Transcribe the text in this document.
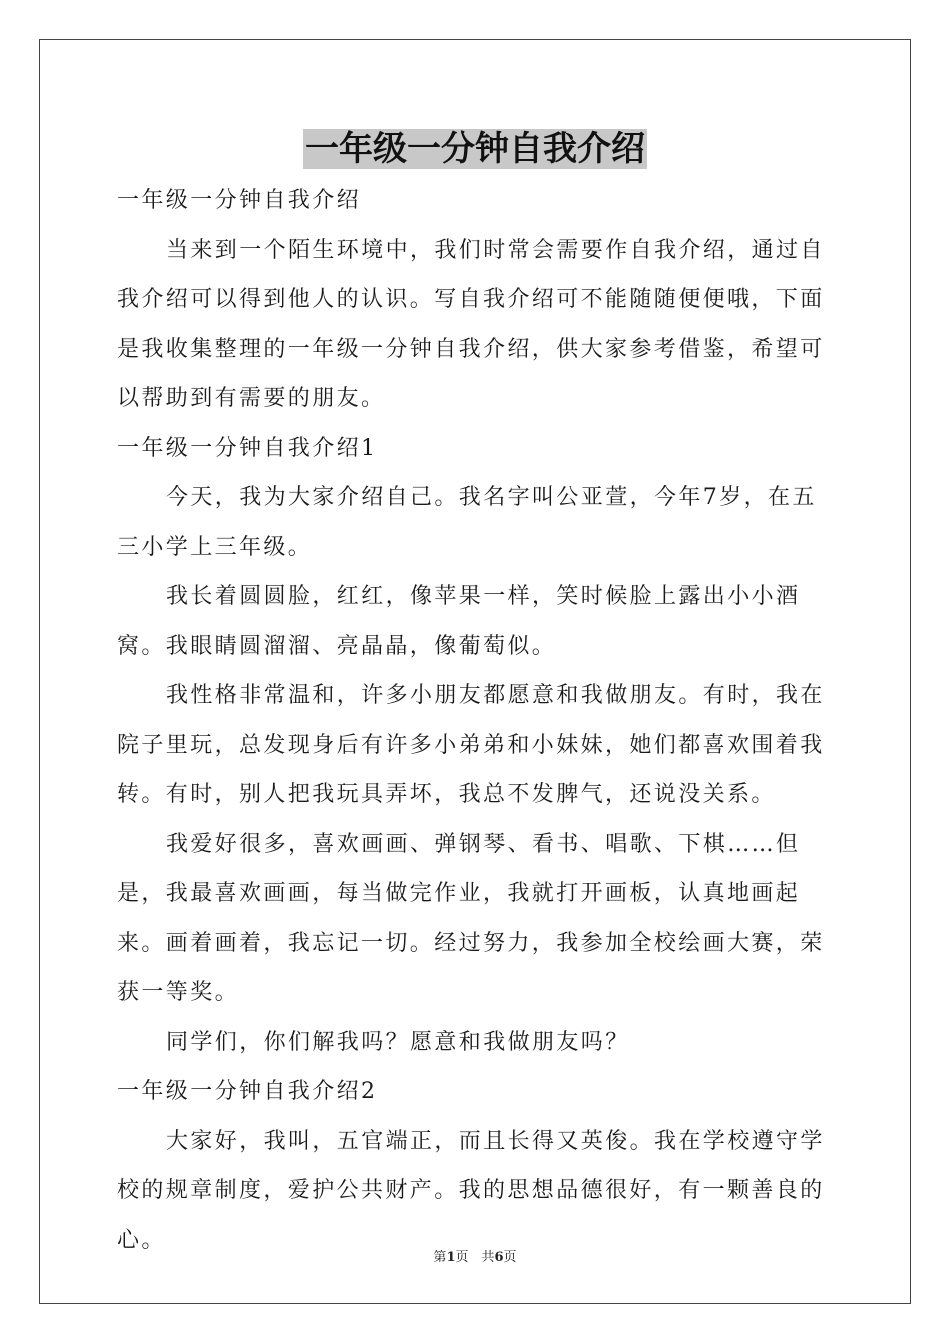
一年级一分钟自我介绍

一年级一分钟自我介绍

当来到一个陌生环境中，我们时常会需要作自我介绍，通过自我介绍可以得到他人的认识。写自我介绍可不能随随便便哦，下面是我收集整理的一年级一分钟自我介绍，供大家参考借鉴，希望可以帮助到有需要的朋友。

一年级一分钟自我介绍1

今天，我为大家介绍自己。我名字叫公亚萱，今年7岁，在五三小学上三年级。

我长着圆圆脸，红红，像苹果一样，笑时候脸上露出小小酒窝。我眼睛圆溜溜、亮晶晶，像葡萄似。

我性格非常温和，许多小朋友都愿意和我做朋友。有时，我在院子里玩，总发现身后有许多小弟弟和小妹妹，她们都喜欢围着我转。有时，别人把我玩具弄坏，我总不发脾气，还说没关系。

我爱好很多，喜欢画画、弹钢琴、看书、唱歌、下棋……但是，我最喜欢画画，每当做完作业，我就打开画板，认真地画起来。画着画着，我忘记一切。经过努力，我参加全校绘画大赛，荣获一等奖。

同学们，你们解我吗？愿意和我做朋友吗？

一年级一分钟自我介绍2

大家好，我叫，五官端正，而且长得又英俊。我在学校遵守学校的规章制度，爱护公共财产。我的思想品德很好，有一颗善良的心。

第1页　共6页
